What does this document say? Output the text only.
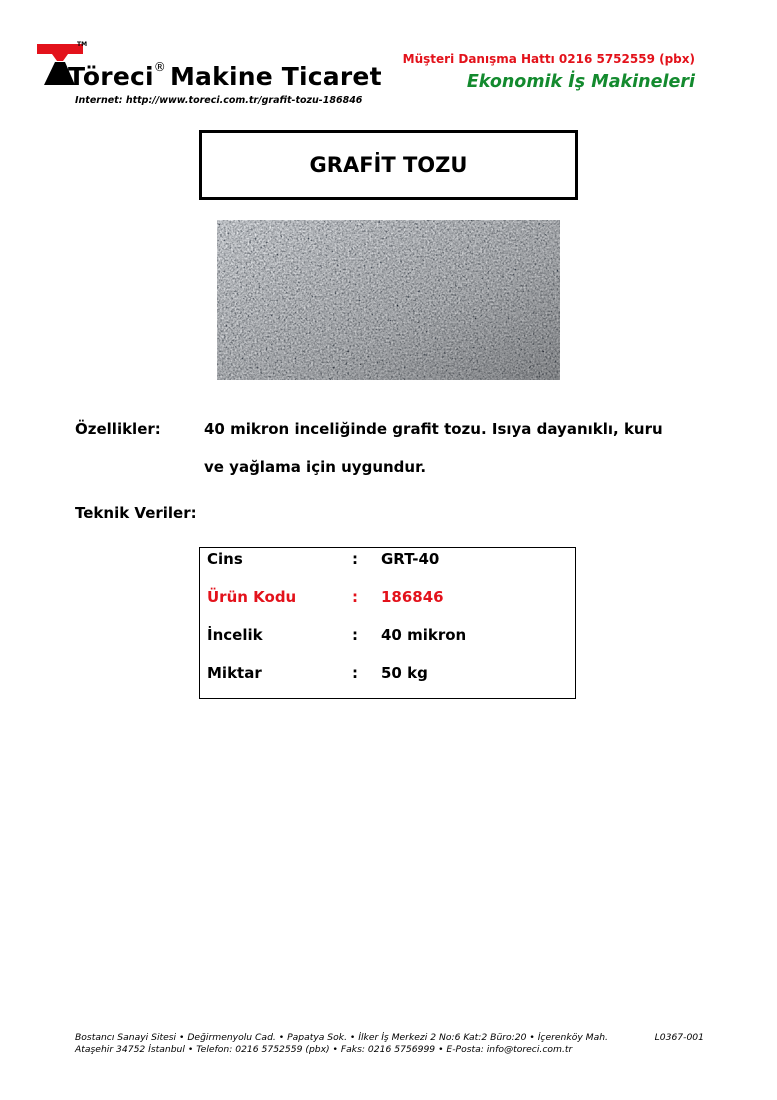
TM
Töreci® Makine Ticaret
Internet: http://www.toreci.com.tr/grafit-tozu-186846
Müşteri Danışma Hattı 0216 5752559 (pbx)
Ekonomik İş Makineleri
GRAFİT TOZU
Özellikler:	40 mikron inceliğinde grafit tozu. Isıya dayanıklı, kuru
ve yağlama için uygundur.
Teknik Veriler:
Cins	: GRT-40
Ürün Kodu	: 186846
İncelik	: 40 mikron
Miktar	: 50 kg
Bostancı Sanayi Sitesi • Değirmenyolu Cad. • Papatya Sok. • İlker İş Merkezi 2 No:6 Kat:2 Büro:20 • İçerenköy Mah.
Ataşehir 34752 İstanbul • Telefon: 0216 5752559 (pbx) • Faks: 0216 5756999 • E-Posta: info@toreci.com.tr
L0367-001
